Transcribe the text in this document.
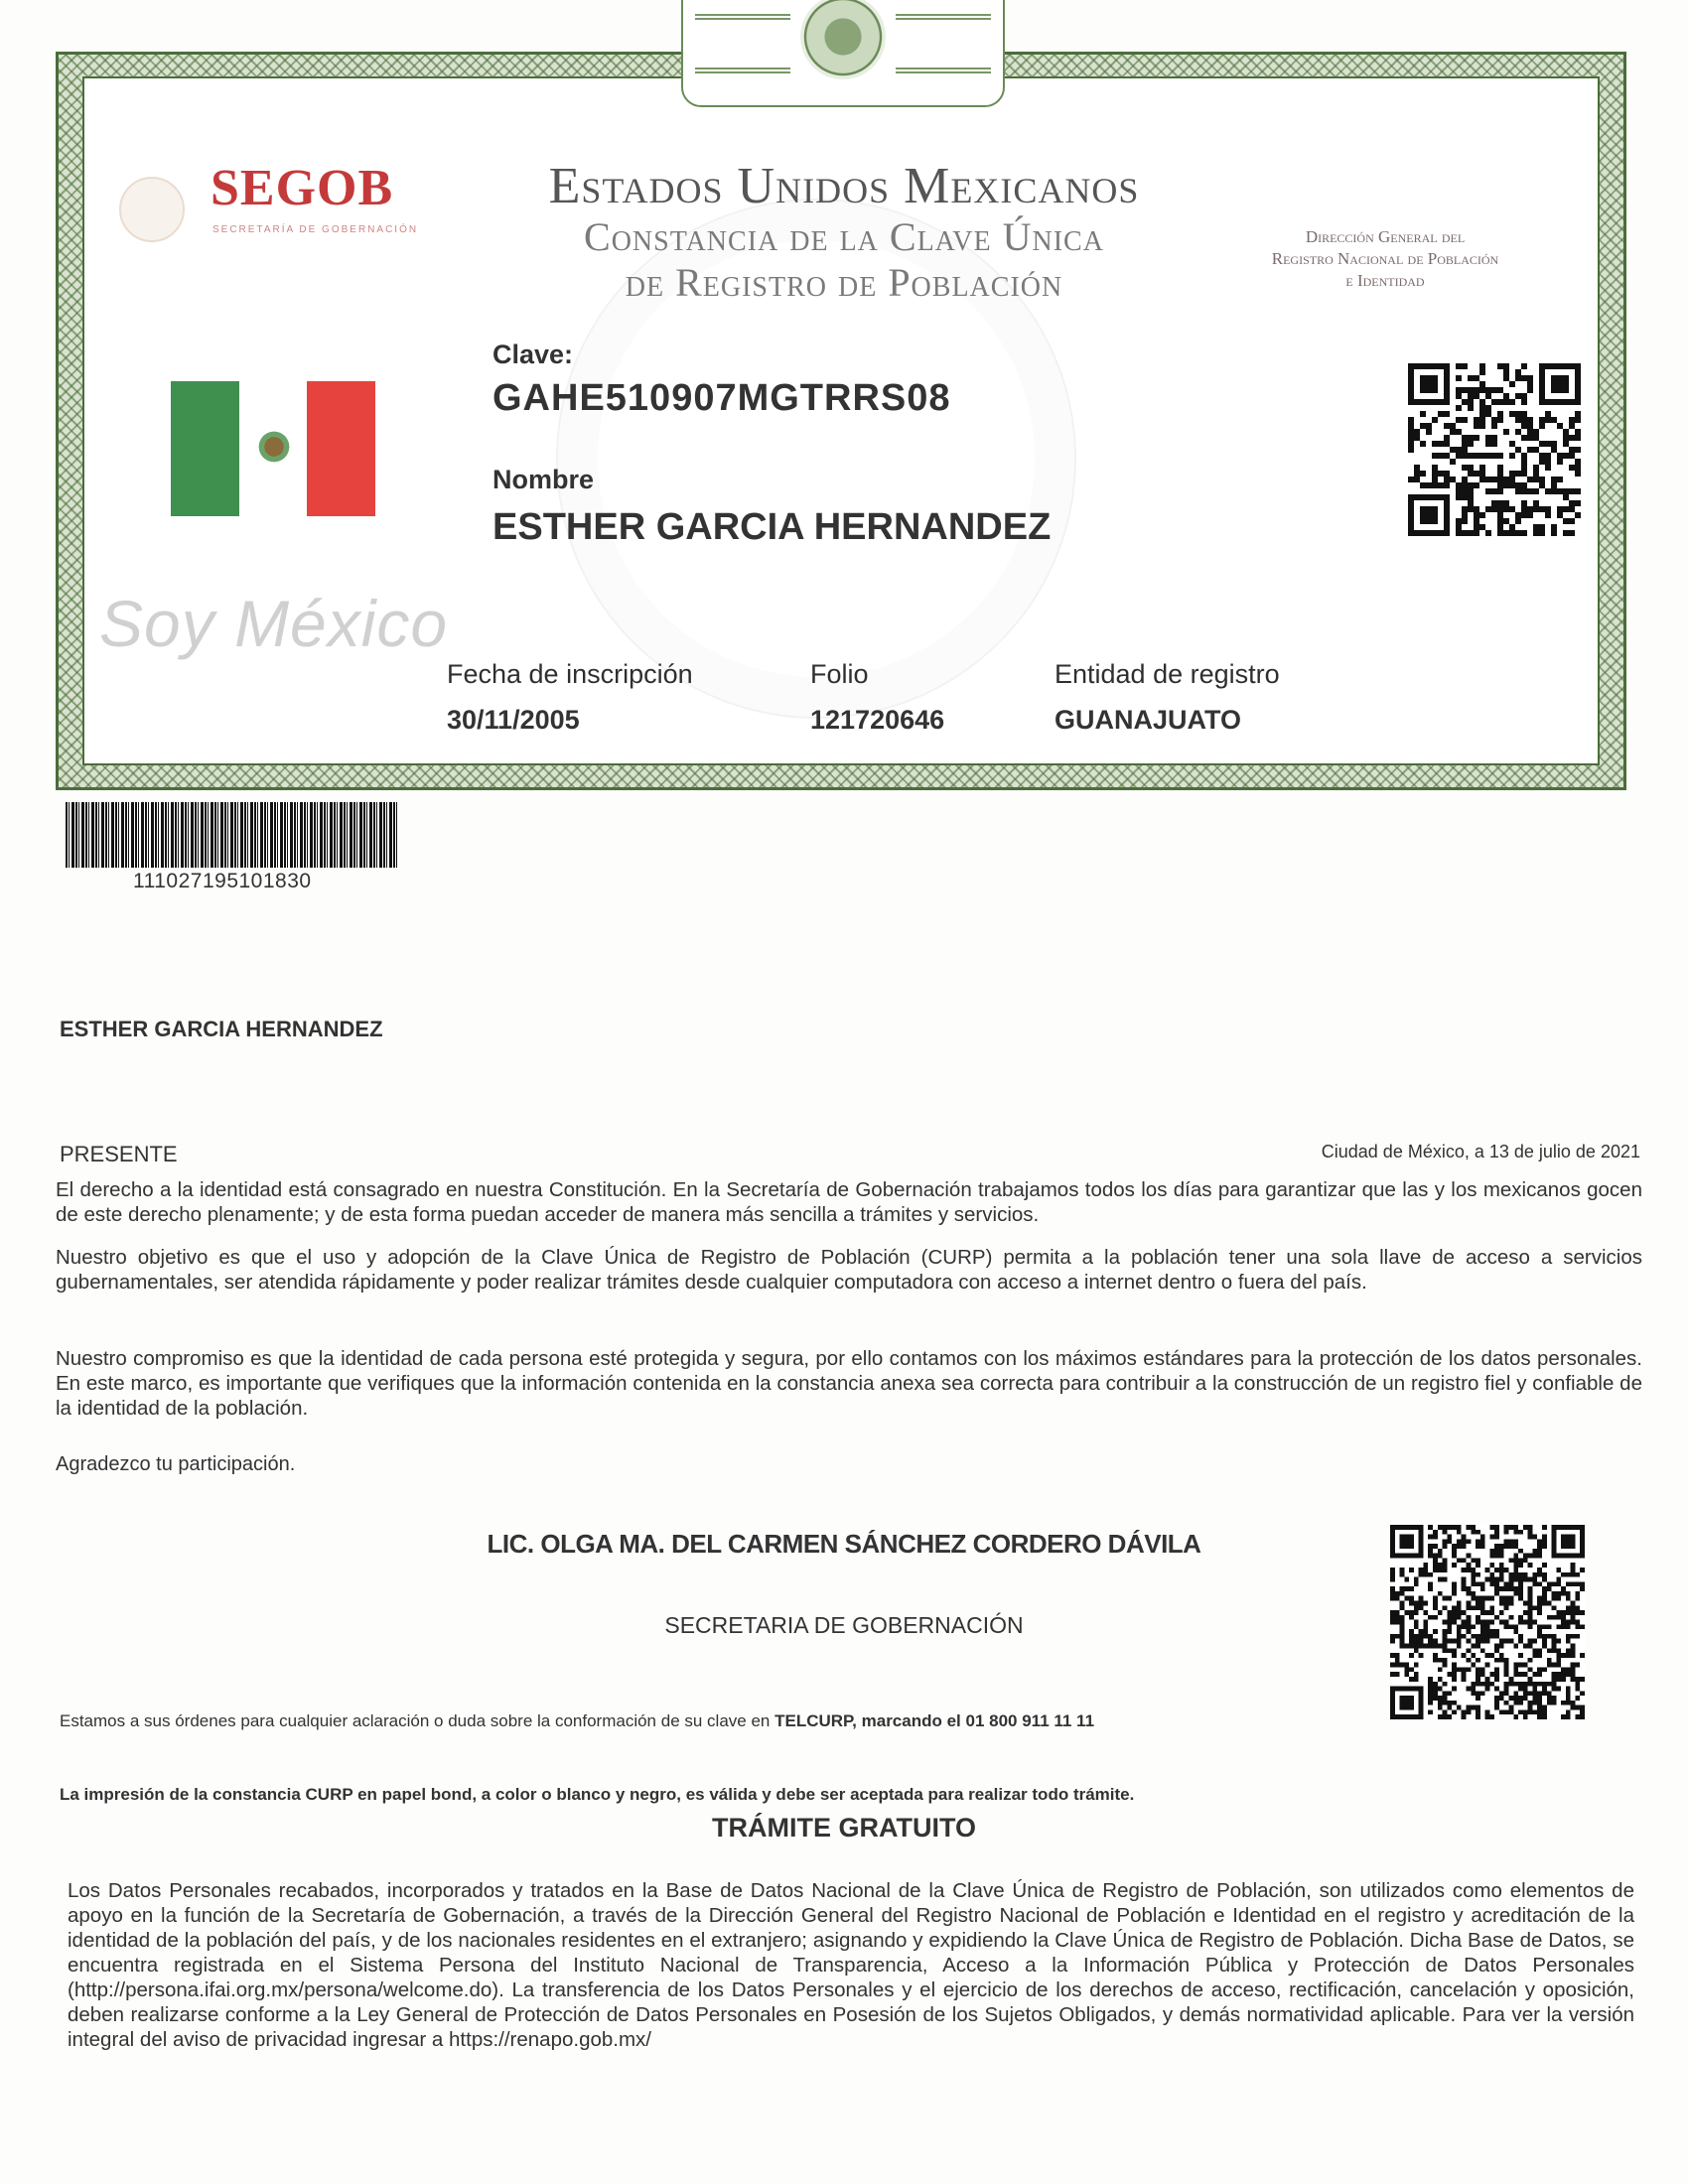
SEGOB
SECRETARÍA DE GOBERNACIÓN
Estados Unidos Mexicanos
Constancia de la Clave Única
de Registro de Población
Dirección General del
Registro Nacional de Población
e Identidad
Soy México
Clave:
GAHE510907MGTRRS08
Nombre
ESTHER GARCIA HERNANDEZ
Fecha de inscripción
30/11/2005
Folio
121720646
Entidad de registro
GUANAJUATO
111027195101830
ESTHER GARCIA HERNANDEZ
PRESENTE	Ciudad de México, a 13 de julio de 2021
El derecho a la identidad está consagrado en nuestra Constitución. En la Secretaría de Gobernación trabajamos todos los días para garantizar que las y los mexicanos gocen de este derecho plenamente; y de esta forma puedan acceder de manera más sencilla a trámites y servicios.
Nuestro objetivo es que el uso y adopción de la Clave Única de Registro de Población (CURP) permita a la población tener una sola llave de acceso a servicios gubernamentales, ser atendida rápidamente y poder realizar trámites desde cualquier computadora con acceso a internet dentro o fuera del país.
Nuestro compromiso es que la identidad de cada persona esté protegida y segura, por ello contamos con los máximos estándares para la protección de los datos personales. En este marco, es importante que verifiques que la información contenida en la constancia anexa sea correcta para contribuir a la construcción de un registro fiel y confiable de la identidad de la población.
Agradezco tu participación.
LIC. OLGA MA. DEL CARMEN SÁNCHEZ CORDERO DÁVILA
SECRETARIA DE GOBERNACIÓN
Estamos a sus órdenes para cualquier aclaración o duda sobre la conformación de su clave en TELCURP, marcando el 01 800 911 11 11
La impresión de la constancia CURP en papel bond, a color o blanco y negro, es válida y debe ser aceptada para realizar todo trámite.
TRÁMITE GRATUITO
Los Datos Personales recabados, incorporados y tratados en la Base de Datos Nacional de la Clave Única de Registro de Población, son utilizados como elementos de apoyo en la función de la Secretaría de Gobernación, a través de la Dirección General del Registro Nacional de Población e Identidad en el registro y acreditación de la identidad de la población del país, y de los nacionales residentes en el extranjero; asignando y expidiendo la Clave Única de Registro de Población. Dicha Base de Datos, se encuentra registrada en el Sistema Persona del Instituto Nacional de Transparencia, Acceso a la Información Pública y Protección de Datos Personales (http://persona.ifai.org.mx/persona/welcome.do). La transferencia de los Datos Personales y el ejercicio de los derechos de acceso, rectificación, cancelación y oposición, deben realizarse conforme a la Ley General de Protección de Datos Personales en Posesión de los Sujetos Obligados, y demás normatividad aplicable. Para ver la versión integral del aviso de privacidad ingresar a https://renapo.gob.mx/
